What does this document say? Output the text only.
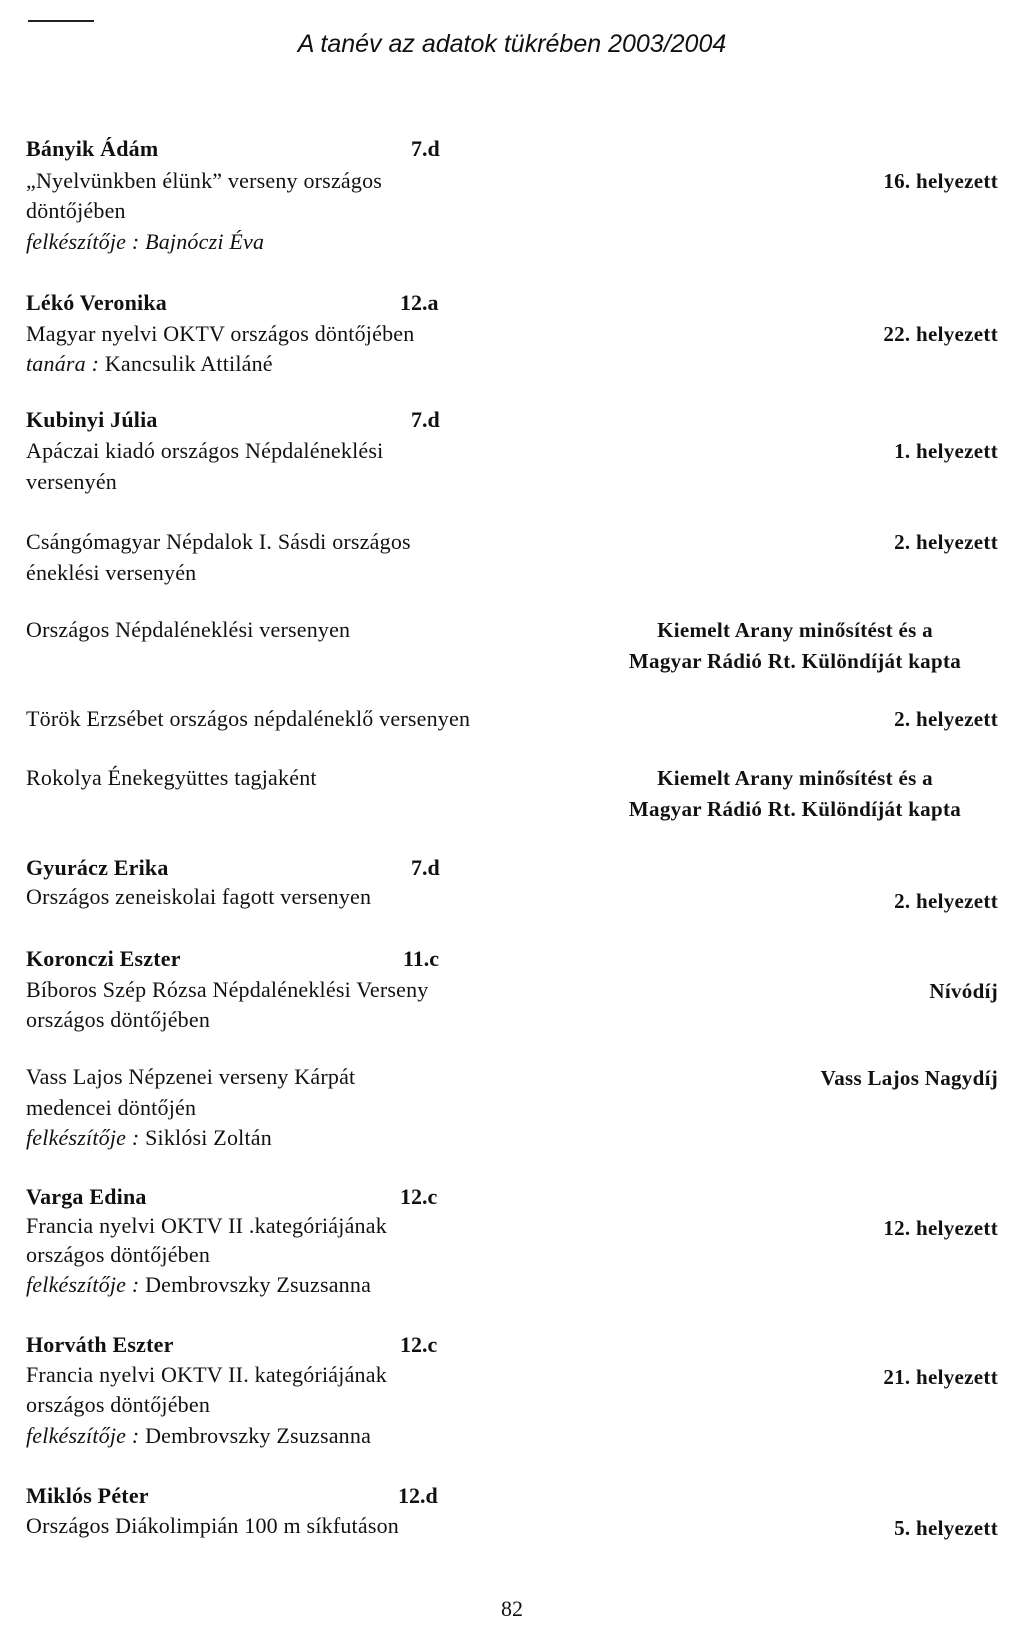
A tanév az adatok tükrében 2003/2004
Bányik Ádám	7.d
„Nyelvünkben élünk” verseny országos	16. helyezett
döntőjében
felkészítője : Bajnóczi Éva
Lékó Veronika	12.a
Magyar nyelvi OKTV országos döntőjében	22. helyezett
tanára : Kancsulik Attiláné
Kubinyi Júlia	7.d
Apáczai kiadó országos Népdaléneklési	1. helyezett
versenyén
Csángómagyar Népdalok I. Sásdi országos	2. helyezett
éneklési versenyén
Országos Népdaléneklési versenyen	Kiemelt Arany minősítést és a
Magyar Rádió Rt. Különdíját kapta
Török Erzsébet országos népdaléneklő versenyen	2. helyezett
Rokolya Énekegyüttes tagjaként	Kiemelt Arany minősítést és a
Magyar Rádió Rt. Különdíját kapta
Gyurácz Erika	7.d
Országos zeneiskolai fagott versenyen	2. helyezett
Koronczi Eszter	11.c
Bíboros Szép Rózsa Népdaléneklési Verseny	Nívódíj
országos döntőjében
Vass Lajos Népzenei verseny Kárpát	Vass Lajos Nagydíj
medencei döntőjén
felkészítője : Siklósi Zoltán
Varga Edina	12.c
Francia nyelvi OKTV II .kategóriájának	12. helyezett
országos döntőjében
felkészítője : Dembrovszky Zsuzsanna
Horváth Eszter	12.c
Francia nyelvi OKTV II. kategóriájának	21. helyezett
országos döntőjében
felkészítője : Dembrovszky Zsuzsanna
Miklós Péter	12.d
Országos Diákolimpián 100 m síkfutáson	5. helyezett
82
